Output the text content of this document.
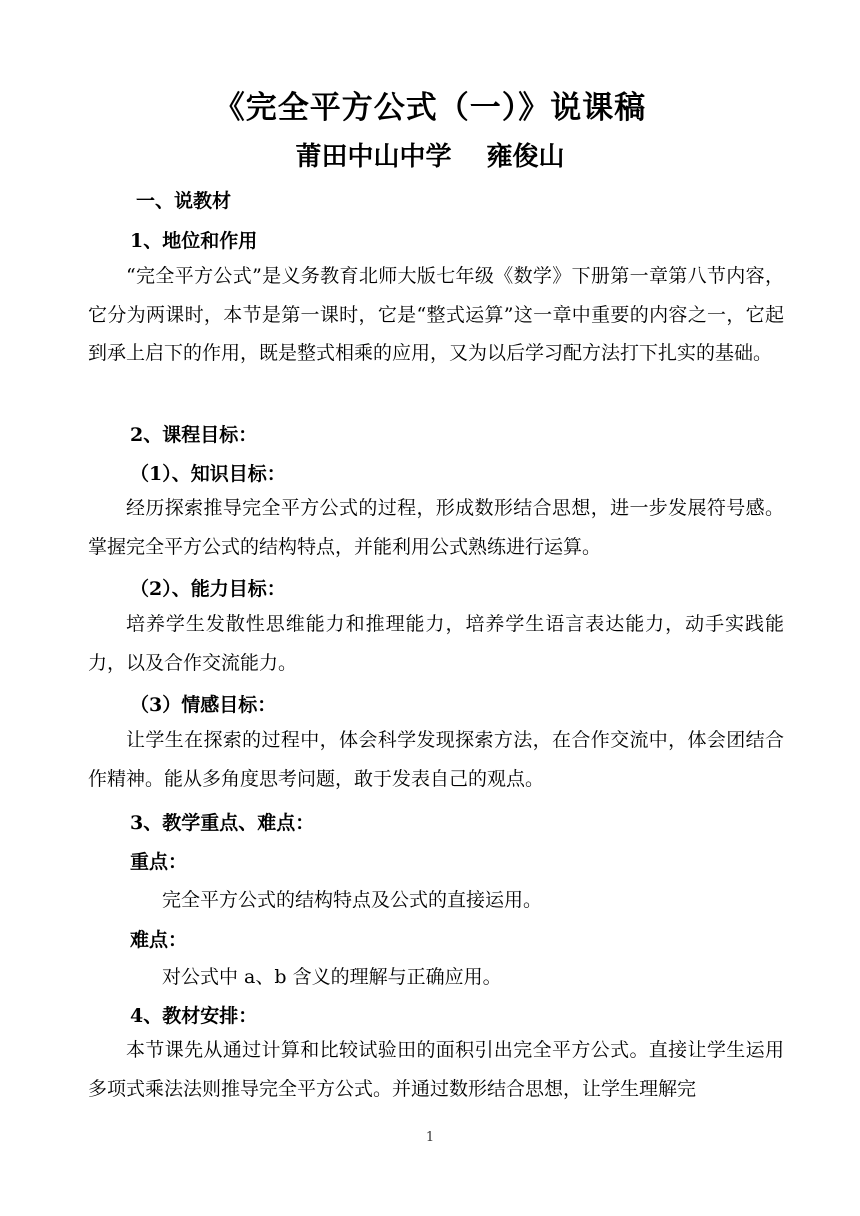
《完全平方公式（一）》说课稿
莆田中山中学　 雍俊山
一、说教材
1、地位和作用

“完全平方公式”是义务教育北师大版七年级《数学》下册第一章第八节内容，它分为两课时，本节是第一课时，它是“整式运算”这一章中重要的内容之一，它起到承上启下的作用，既是整式相乘的应用，又为以后学习配方法打下扎实的基础。

2、课程目标：
（1）、知识目标：

经历探索推导完全平方公式的过程，形成数形结合思想，进一步发展符号感。掌握完全平方公式的结构特点，并能利用公式熟练进行运算。

（2）、能力目标：

培养学生发散性思维能力和推理能力，培养学生语言表达能力，动手实践能力，以及合作交流能力。

（3）情感目标：

让学生在探索的过程中，体会科学发现探索方法，在合作交流中，体会团结合作精神。能从多角度思考问题，敢于发表自己的观点。

3、教学重点、难点：
重点：
完全平方公式的结构特点及公式的直接运用。
难点：
对公式中 a、b 含义的理解与正确应用。
4、教材安排：

本节课先从通过计算和比较试验田的面积引出完全平方公式。直接让学生运用多项式乘法法则推导完全平方公式。并通过数形结合思想，让学生理解完

1
